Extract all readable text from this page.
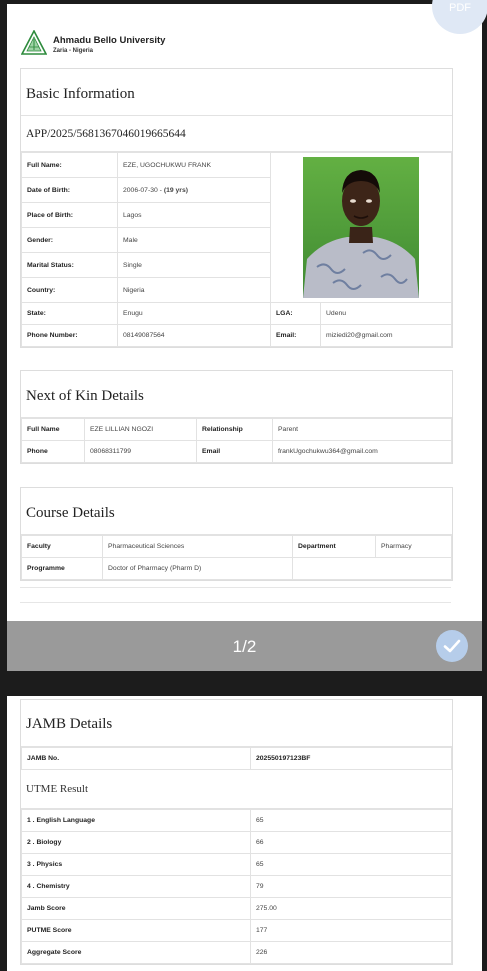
PDF
Ahmadu Bello University
Zaria - Nigeria
Basic Information
APP/2025/5681367046019665644
Full Name:	EZE, UGOCHUKWU FRANK	

Date of Birth:	2006-07-30 - (19 yrs)		
Place of Birth:	Lagos		
Gender:	Male		
Marital Status:	Single		
Country:	Nigeria		
State:	Enugu	LGA:	Udenu
Phone Number:	08149087564	Email:	miziedi20@gmail.com
Next of Kin Details
Full Name	EZE LILLIAN NGOZI	Relationship	Parent
Phone	08068311799	Email	frankUgochukwu364@gmail.com
Course Details
Faculty	Pharmaceutical Sciences	Department	Pharmacy
Programme	Doctor of Pharmacy (Pharm D)		
1/2
JAMB Details
JAMB No.	202550197123BF
UTME Result
1 . English Language	65
2 . Biology	66
3 . Physics	65
4 . Chemistry	79
Jamb Score	275.00
PUTME Score	177
Aggregate Score	226
